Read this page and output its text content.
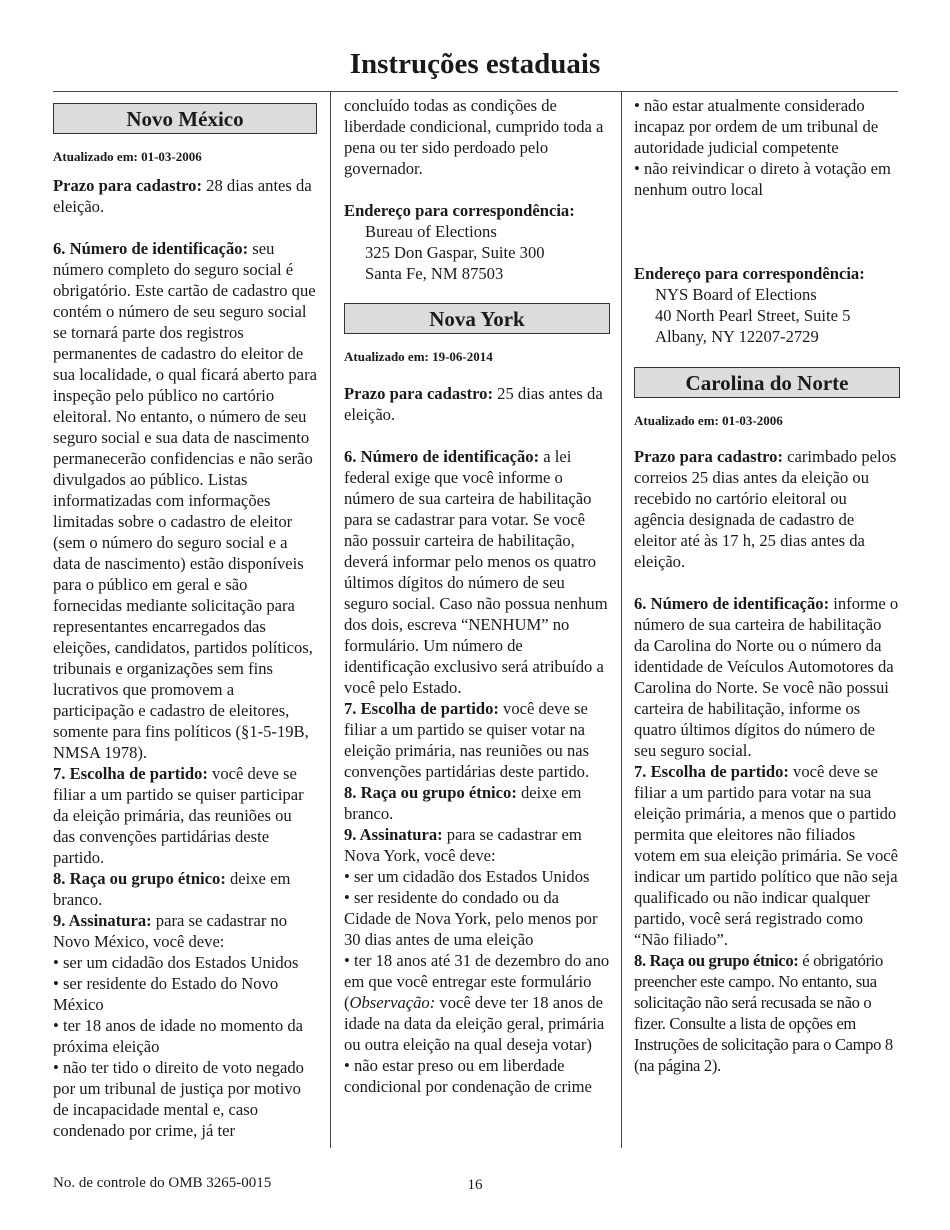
Instruções estaduais
Novo México

Atualizado em: 01-03-2006

Prazo para cadastro: 28 dias antes da eleição.

6. Número de identificação: seu número completo do seguro social é obrigatório. Este cartão de cadastro que contém o número de seu seguro social se tornará parte dos registros permanentes de cadastro do eleitor de sua localidade, o qual ficará aberto para inspeção pelo público no cartório eleitoral. No entanto, o número de seu seguro social e sua data de nascimento permanecerão confidencias e não serão divulgados ao público. Listas informatizadas com informações limitadas sobre o cadastro de eleitor (sem o número do seguro social e a data de nascimento) estão disponíveis para o público em geral e são fornecidas mediante solicitação para representantes encarregados das eleições, candidatos, partidos políticos, tribunais e organizações sem fins lucrativos que promovem a participação e cadastro de eleitores, somente para fins políticos (§1-5-19B, NMSA 1978).

7. Escolha de partido: você deve se filiar a um partido se quiser participar da eleição primária, das reuniões ou das convenções partidárias deste partido.

8. Raça ou grupo étnico: deixe em branco.

9. Assinatura: para se cadastrar no Novo México, você deve:

• ser um cidadão dos Estados Unidos

• ser residente do Estado do Novo México

• ter 18 anos de idade no momento da próxima eleição

• não ter tido o direito de voto negado por um tribunal de justiça por motivo de incapacidade mental e, caso condenado por crime, já ter

concluído todas as condições de liberdade condicional, cumprido toda a pena ou ter sido perdoado pelo governador.

Endereço para correspondência:

Bureau of Elections

325 Don Gaspar, Suite 300

Santa Fe, NM 87503

Nova York

Atualizado em: 19-06-2014

Prazo para cadastro: 25 dias antes da eleição.

6. Número de identificação: a lei federal exige que você informe o número de sua carteira de habilitação para se cadastrar para votar. Se você não possuir carteira de habilitação, deverá informar pelo menos os quatro últimos dígitos do número de seu seguro social. Caso não possua nenhum dos dois, escreva “NENHUM” no formulário. Um número de identificação exclusivo será atribuído a você pelo Estado.

7. Escolha de partido: você deve se filiar a um partido se quiser votar na eleição primária, nas reuniões ou nas convenções partidárias deste partido.

8. Raça ou grupo étnico: deixe em branco.

9. Assinatura: para se cadastrar em Nova York, você deve:

• ser um cidadão dos Estados Unidos

• ser residente do condado ou da Cidade de Nova York, pelo menos por 30 dias antes de uma eleição

• ter 18 anos até 31 de dezembro do ano em que você entregar este formulário (Observação: você deve ter 18 anos de idade na data da eleição geral, primária ou outra eleição na qual deseja votar)

• não estar preso ou em liberdade condicional por condenação de crime

• não estar atualmente considerado incapaz por ordem de um tribunal de autoridade judicial competente

• não reivindicar o direto à votação em nenhum outro local

Endereço para correspondência:

NYS Board of Elections

40 North Pearl Street, Suite 5

Albany, NY 12207-2729

Carolina do Norte

Atualizado em: 01-03-2006

Prazo para cadastro: carimbado pelos correios 25 dias antes da eleição ou recebido no cartório eleitoral ou agência designada de cadastro de eleitor até às 17 h, 25 dias antes da eleição.

6. Número de identificação: informe o número de sua carteira de habilitação da Carolina do Norte ou o número da identidade de Veículos Automotores da Carolina do Norte. Se você não possui carteira de habilitação, informe os quatro últimos dígitos do número de seu seguro social.

7. Escolha de partido: você deve se filiar a um partido para votar na sua eleição primária, a menos que o partido permita que eleitores não filiados votem em sua eleição primária. Se você indicar um partido político que não seja qualificado ou não indicar qualquer partido, você será registrado como “Não filiado”.

8. Raça ou grupo étnico: é obrigatório preencher este campo. No entanto, sua solicitação não será recusada se não o fizer. Consulte a lista de opções em Instruções de solicitação para o Campo 8 (na página 2).

No. de controle do OMB 3265-0015	16
